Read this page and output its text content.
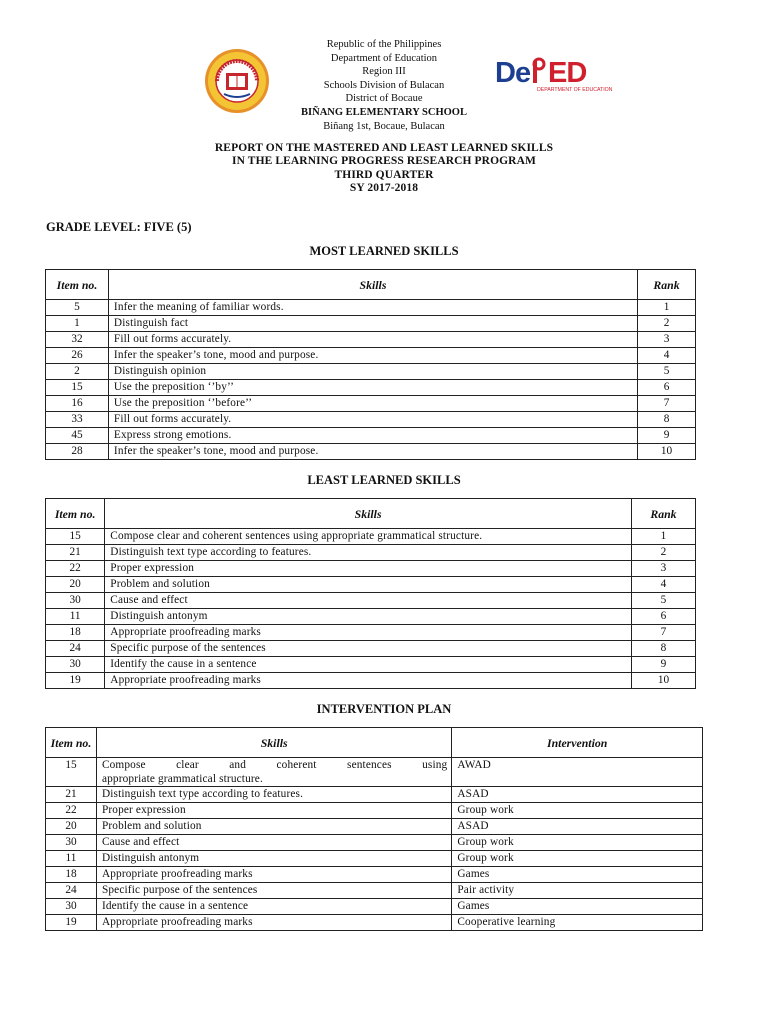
Republic of the Philippines
Department of Education
Region III
Schools Division of Bulacan
District of Bocaue
BIÑANG ELEMENTARY SCHOOL
Biñang 1st, Bocaue, Bulacan
De ED
DEPARTMENT OF EDUCATION
REPORT ON THE MASTERED AND LEAST LEARNED SKILLS
IN THE LEARNING PROGRESS RESEARCH PROGRAM
THIRD QUARTER
SY 2017-2018
GRADE LEVEL: FIVE (5)
MOST LEARNED SKILLS
Item no.	Skills	Rank
5	Infer the meaning of familiar words.	1
1	Distinguish fact	2
32	Fill out forms accurately.	3
26	Infer the speaker’s tone, mood and purpose.	4
2	Distinguish opinion	5
15	Use the preposition ‘’by’’	6
16	Use the preposition ‘’before’’	7
33	Fill out forms accurately.	8
45	Express strong emotions.	9
28	Infer the speaker’s tone, mood and purpose.	10
LEAST LEARNED SKILLS
Item no.	Skills	Rank
15	Compose clear and coherent sentences using appropriate grammatical structure.	1
21	Distinguish text type according to features.	2
22	Proper expression	3
20	Problem and solution	4
30	Cause and effect	5
11	Distinguish antonym	6
18	Appropriate proofreading marks	7
24	Specific purpose of the sentences	8
30	Identify the cause in a sentence	9
19	Appropriate proofreading marks	10
INTERVENTION PLAN
Item no.	Skills	Intervention
15	Compose clear and coherent sentences using
appropriate grammatical structure.	AWAD
21	Distinguish text type according to features.	ASAD
22	Proper expression	Group work
20	Problem and solution	ASAD
30	Cause and effect	Group work
11	Distinguish antonym	Group work
18	Appropriate proofreading marks	Games
24	Specific purpose of the sentences	Pair activity
30	Identify the cause in a sentence	Games
19	Appropriate proofreading marks	Cooperative learning
